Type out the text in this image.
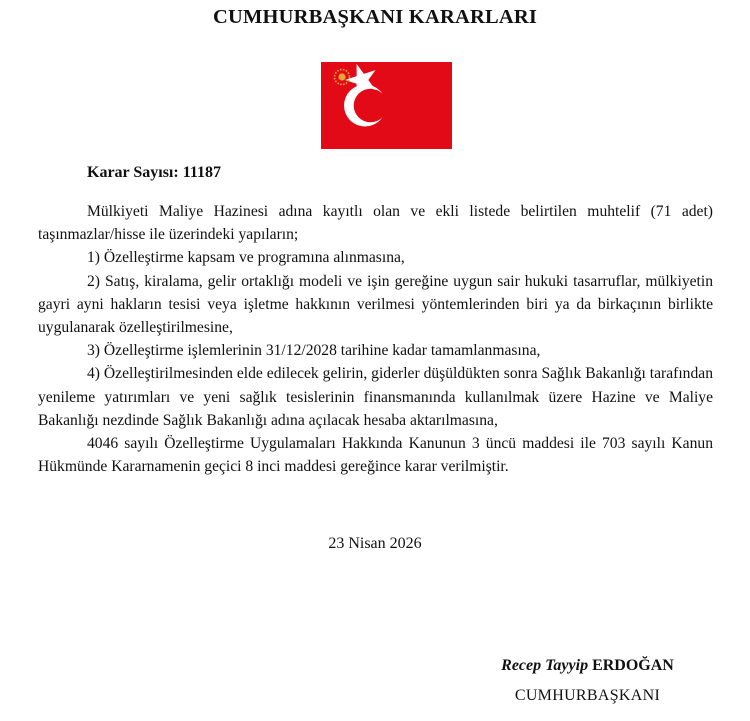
CUMHURBAŞKANI KARARLARI
Karar Sayısı: 11187

Mülkiyeti Maliye Hazinesi adına kayıtlı olan ve ekli listede belirtilen muhtelif (71 adet) taşınmazlar/hisse ile üzerindeki yapıların;

1) Özelleştirme kapsam ve programına alınmasına,

2) Satış, kiralama, gelir ortaklığı modeli ve işin gereğine uygun sair hukuki tasarruflar, mülkiyetin gayri ayni hakların tesisi veya işletme hakkının verilmesi yöntemlerinden biri ya da birkaçının birlikte uygulanarak özelleştirilmesine,

3) Özelleştirme işlemlerinin 31/12/2028 tarihine kadar tamamlanmasına,

4) Özelleştirilmesinden elde edilecek gelirin, giderler düşüldükten sonra Sağlık Bakanlığı tarafından yenileme yatırımları ve yeni sağlık tesislerinin finansmanında kullanılmak üzere Hazine ve Maliye Bakanlığı nezdinde Sağlık Bakanlığı adına açılacak hesaba aktarılmasına,

4046 sayılı Özelleştirme Uygulamaları Hakkında Kanunun 3 üncü maddesi ile 703 sayılı Kanun Hükmünde Kararnamenin geçici 8 inci maddesi gereğince karar verilmiştir.

23 Nisan 2026
Recep Tayyip ERDOĞAN
CUMHURBAŞKANI
